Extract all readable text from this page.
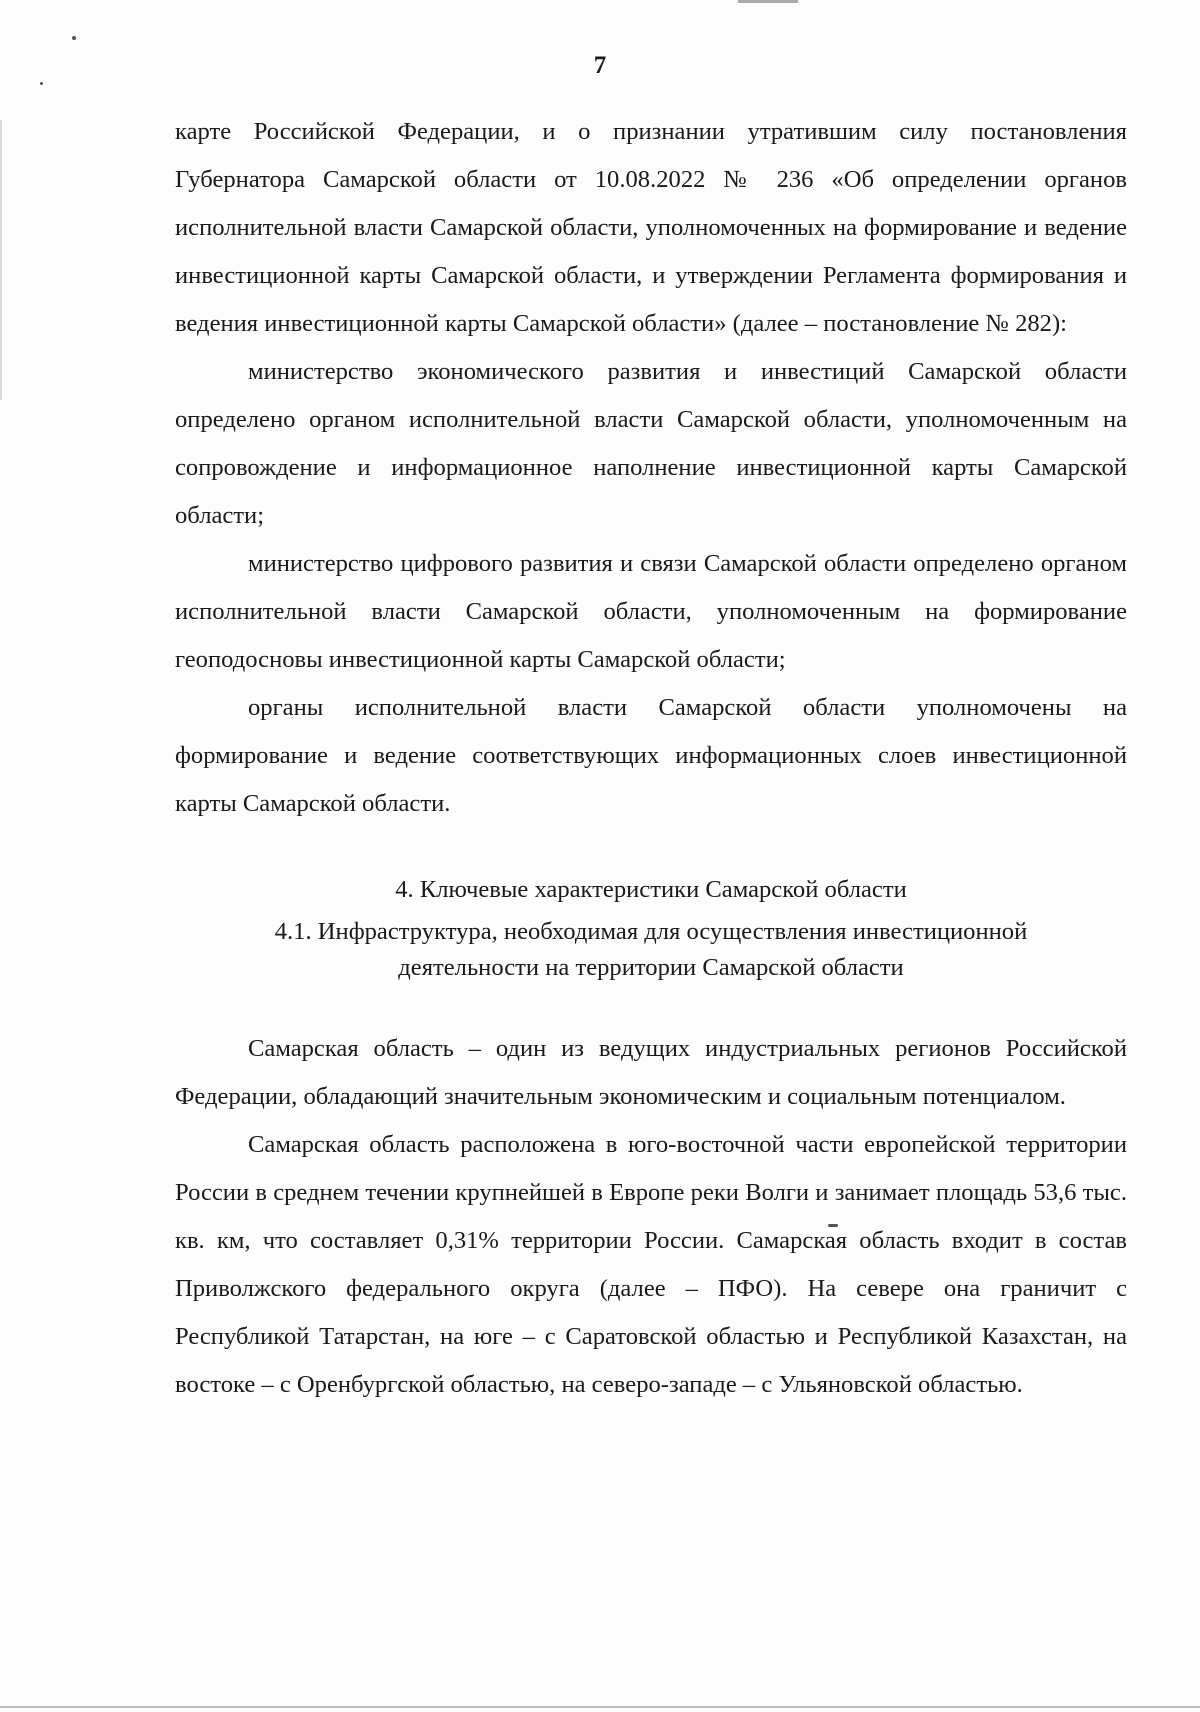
7

карте Российской Федерации, и о признании утратившим силу постановления Губернатора Самарской области от 10.08.2022 № 236 «Об определении органов исполнительной власти Самарской области, уполномоченных на формирование и ведение инвестиционной карты Самарской области, и утверждении Регламента формирования и ведения инвестиционной карты Самарской области» (далее – постановление № 282):

министерство экономического развития и инвестиций Самарской области определено органом исполнительной власти Самарской области, уполномоченным на сопровождение и информационное наполнение инвестиционной карты Самарской области;

министерство цифрового развития и связи Самарской области определено органом исполнительной власти Самарской области, уполномоченным на формирование геоподосновы инвестиционной карты Самарской области;

органы исполнительной власти Самарской области уполномочены на формирование и ведение соответствующих информационных слоев инвестиционной карты Самарской области.

4. Ключевые характеристики Самарской области
4.1. Инфраструктура, необходимая для осуществления инвестиционной
деятельности на территории Самарской области

Самарская область – один из ведущих индустриальных регионов Российской Федерации, обладающий значительным экономическим и социальным потенциалом.

Самарская область расположена в юго-восточной части европейской территории России в среднем течении крупнейшей в Европе реки Волги и занимает площадь 53,6 тыс. кв. км, что составляет 0,31% территории России. Самарская область входит в состав Приволжского федерального округа (далее – ПФО). На севере она граничит с Республикой Татарстан, на юге – с Саратовской областью и Республикой Казахстан, на востоке – с Оренбургской областью, на северо-западе – с Ульяновской областью.
